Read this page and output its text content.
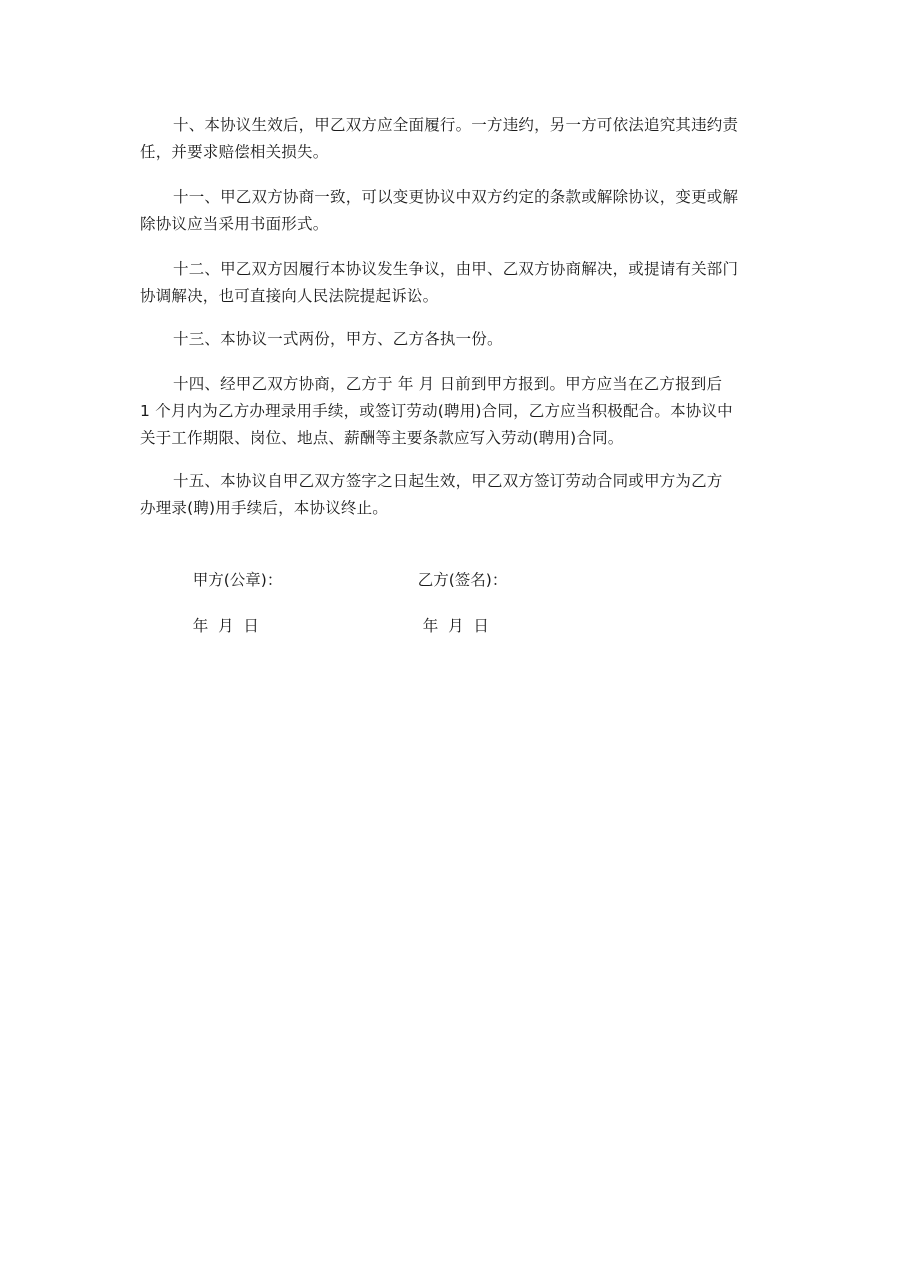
十、本协议生效后，甲乙双方应全面履行。一方违约，另一方可依法追究其违约责
任，并要求赔偿相关损失。
十一、甲乙双方协商一致，可以变更协议中双方约定的条款或解除协议，变更或解
除协议应当采用书面形式。
十二、甲乙双方因履行本协议发生争议，由甲、乙双方协商解决，或提请有关部门
协调解决，也可直接向人民法院提起诉讼。
十三、本协议一式两份，甲方、乙方各执一份。
十四、经甲乙双方协商，乙方于 年 月 日前到甲方报到。甲方应当在乙方报到后
1 个月内为乙方办理录用手续，或签订劳动(聘用)合同，乙方应当积极配合。本协议中
关于工作期限、岗位、地点、薪酬等主要条款应写入劳动(聘用)合同。
十五、本协议自甲乙双方签字之日起生效，甲乙双方签订劳动合同或甲方为乙方
办理录(聘)用手续后，本协议终止。

甲方(公章)：
	乙方(签名)：

年  月  日
	年  月  日
